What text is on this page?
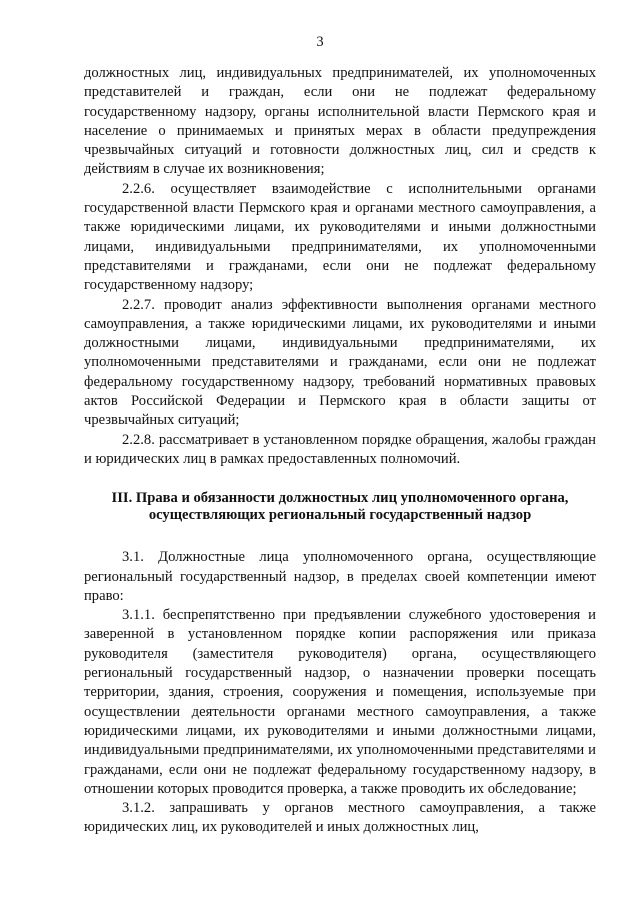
3

должностных лиц, индивидуальных предпринимателей, их уполномоченных представителей и граждан, если они не подлежат федеральному государственному надзору, органы исполнительной власти Пермского края и население о принимаемых и принятых мерах в области предупреждения чрезвычайных ситуаций и готовности должностных лиц, сил и средств к действиям в случае их возникновения;

2.2.6. осуществляет взаимодействие с исполнительными органами государственной власти Пермского края и органами местного самоуправления, а также юридическими лицами, их руководителями и иными должностными лицами, индивидуальными предпринимателями, их уполномоченными представителями и гражданами, если они не подлежат федеральному государственному надзору;

2.2.7. проводит анализ эффективности выполнения органами местного самоуправления, а также юридическими лицами, их руководителями и иными должностными лицами, индивидуальными предпринимателями, их уполномоченными представителями и гражданами, если они не подлежат федеральному государственному надзору, требований нормативных правовых актов Российской Федерации и Пермского края в области защиты от чрезвычайных ситуаций;

2.2.8. рассматривает в установленном порядке обращения, жалобы граждан и юридических лиц в рамках предоставленных полномочий.

III. Права и обязанности должностных лиц уполномоченного органа, осуществляющих региональный государственный надзор

3.1. Должностные лица уполномоченного органа, осуществляющие региональный государственный надзор, в пределах своей компетенции имеют право:

3.1.1. беспрепятственно при предъявлении служебного удостоверения и заверенной в установленном порядке копии распоряжения или приказа руководителя (заместителя руководителя) органа, осуществляющего региональный государственный надзор, о назначении проверки посещать территории, здания, строения, сооружения и помещения, используемые при осуществлении деятельности органами местного самоуправления, а также юридическими лицами, их руководителями и иными должностными лицами, индивидуальными предпринимателями, их уполномоченными представителями и гражданами, если они не подлежат федеральному государственному надзору, в отношении которых проводится проверка, а также проводить их обследование;

3.1.2. запрашивать у органов местного самоуправления, а также юридических лиц, их руководителей и иных должностных лиц,
